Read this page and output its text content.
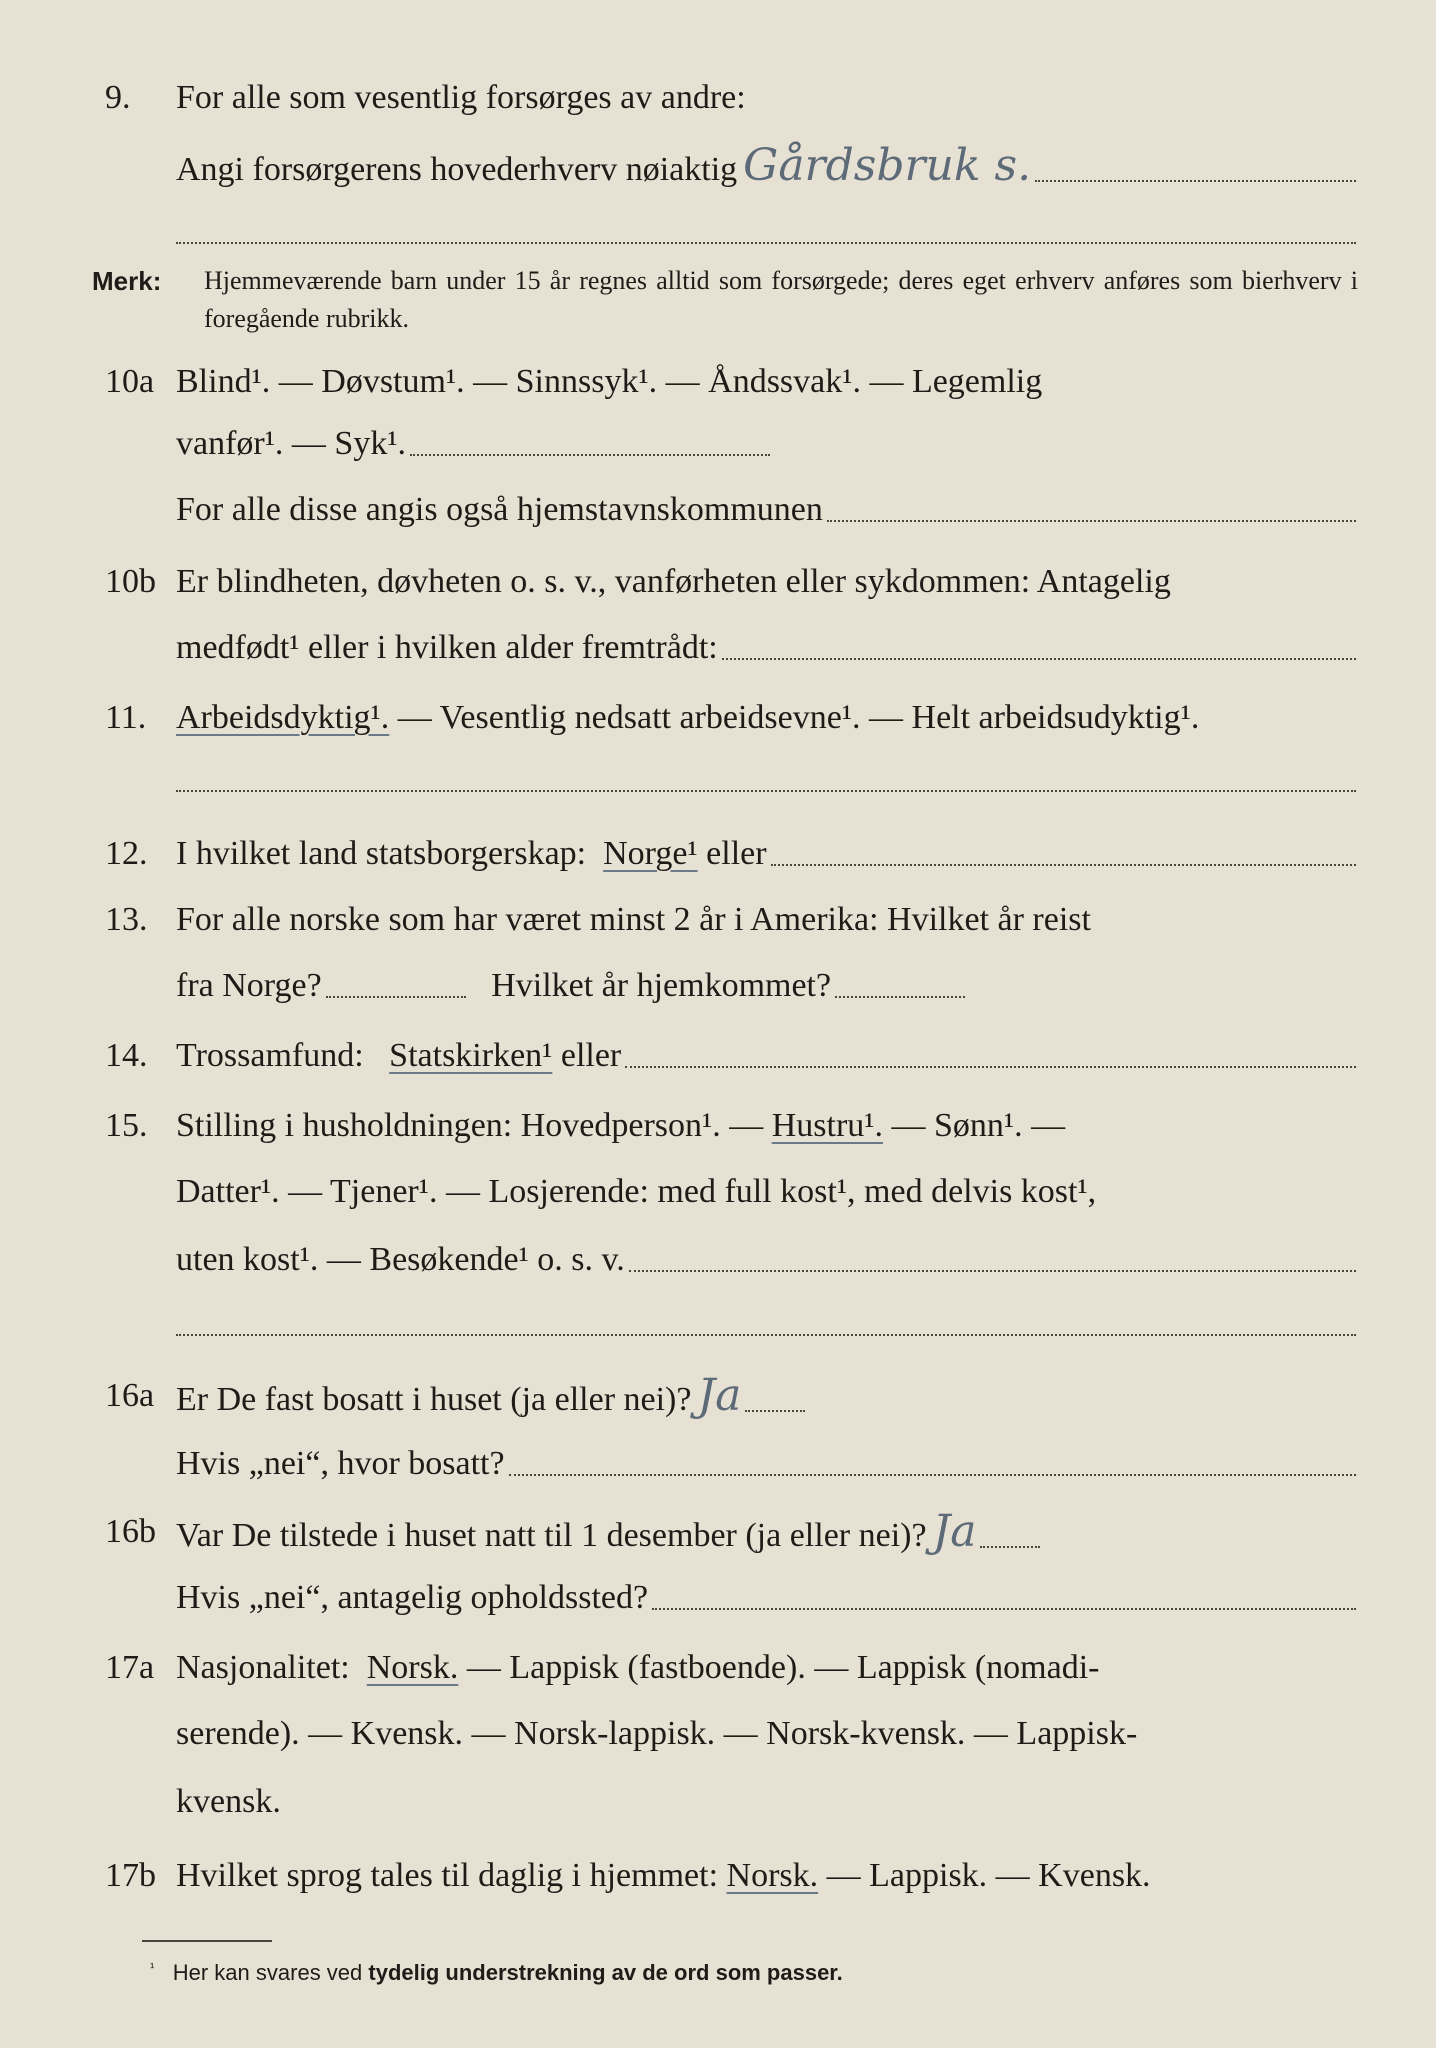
9. For alle som vesentlig forsørges av andre:
Angi forsørgerens hovederhverv nøiaktig Gårdsbruk s.
Merk: Hjemmeværende barn under 15 år regnes alltid som forsørgede; deres eget erhverv anføres som bierhverv i foregående rubrikk.
10a Blind¹. — Døvstum¹. — Sinnssyk¹. — Åndssvak¹. — Legemlig
vanfør¹. — Syk¹.
For alle disse angis også hjemstavnskommunen
10b Er blindheten, døvheten o. s. v., vanførheten eller sykdommen: Antagelig
medfødt¹ eller i hvilken alder fremtrådt:
11. Arbeidsdyktig¹.
— Vesentlig nedsatt arbeidsevne¹. — Helt arbeidsudyktig¹.
12. I hvilket land statsborgerskap:
Norge¹
eller
13. For alle norske som har været minst 2 år i Amerika: Hvilket år reist
fra Norge?
	Hvilket år hjemkommet?
14. Trossamfund:
Statskirken¹
eller
15. Stilling i husholdningen: Hovedperson¹. —
Hustru¹.
— Sønn¹. —
Datter¹. — Tjener¹. — Losjerende: med full kost¹, med delvis kost¹,
uten kost¹. — Besøkende¹ o. s. v.
16a Er De fast bosatt i huset (ja eller nei)? Ja
Hvis „nei“, hvor bosatt?
16b Var De tilstede i huset natt til 1 desember (ja eller nei)? Ja
Hvis „nei“, antagelig opholdssted?
17a Nasjonalitet:
Norsk.
— Lappisk (fastboende). — Lappisk (nomadi-
serende). — Kvensk. — Norsk-lappisk. — Norsk-kvensk. — Lappisk-
kvensk.
17b Hvilket sprog tales til daglig i hjemmet:
Norsk.
— Lappisk. — Kvensk.
$^{^1}$ Her kan svares ved tydelig understrekning av de ord som passer.
